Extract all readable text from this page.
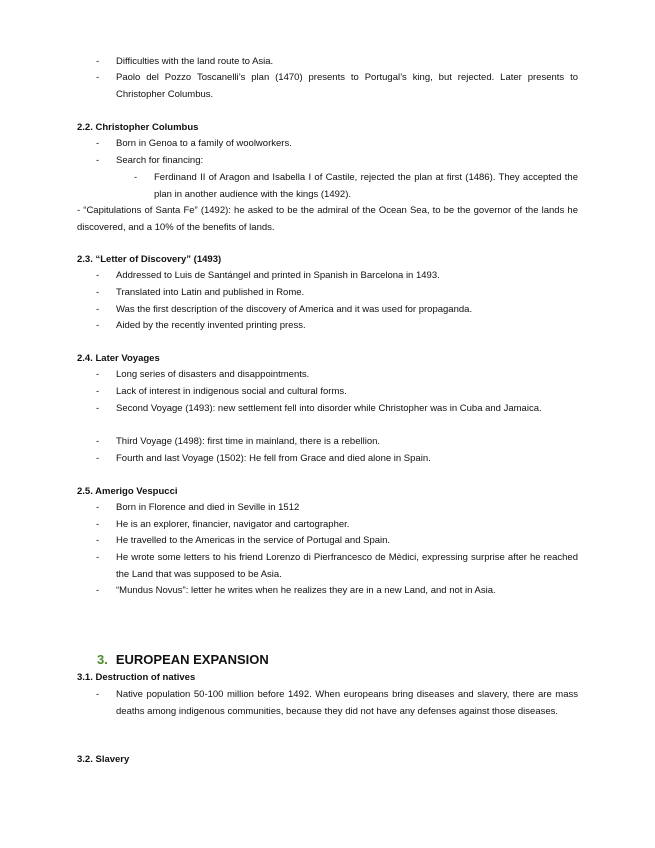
-	Difficulties with the land route to Asia.
-	Paolo del Pozzo Toscanelli’s plan (1470) presents to Portugal’s king, but rejected. Later presents to Christopher Columbus.
2.2. Christopher Columbus
-	Born in Genoa to a family of woolworkers.
-	Search for financing:
-	Ferdinand II of Aragon and Isabella I of Castile, rejected the plan at first (1486). They accepted the plan in another audience with the kings (1492).
- “Capitulations of Santa Fe” (1492): he asked to be the admiral of the Ocean Sea, to be the governor of the lands he discovered, and a 10% of the benefits of lands.
2.3. “Letter of Discovery” (1493)
-	Addressed to Luis de Santángel and printed in Spanish in Barcelona in 1493.
-	Translated into Latin and published in Rome.
-	Was the first description of the discovery of America and it was used for propaganda.
-	Aided by the recently invented printing press.
2.4. Later Voyages
-	Long series of disasters and disappointments.
-	Lack of interest in indigenous social and cultural forms.
-	Second Voyage (1493): new settlement fell into disorder while Christopher was in Cuba and Jamaica.
-	Third Voyage (1498): first time in mainland, there is a rebellion.
-	Fourth and last Voyage (1502): He fell from Grace and died alone in Spain.
2.5. Amerigo Vespucci
-	Born in Florence and died in Seville in 1512
-	He is an explorer, financier, navigator and cartographer.
-	He travelled to the Americas in the service of Portugal and Spain.
-	He wrote some letters to his friend Lorenzo di Pierfrancesco de Mèdici, expressing surprise after he reached the Land that was supposed to be Asia.
-	“Mundus Novus”: letter he writes when he realizes they are in a new Land, and not in Asia.
3. EUROPEAN EXPANSION
3.1. Destruction of natives
-	Native population 50-100 million before 1492. When europeans bring diseases and slavery, there are mass deaths among indigenous communities, because they did not have any defenses against those diseases.
3.2. Slavery
